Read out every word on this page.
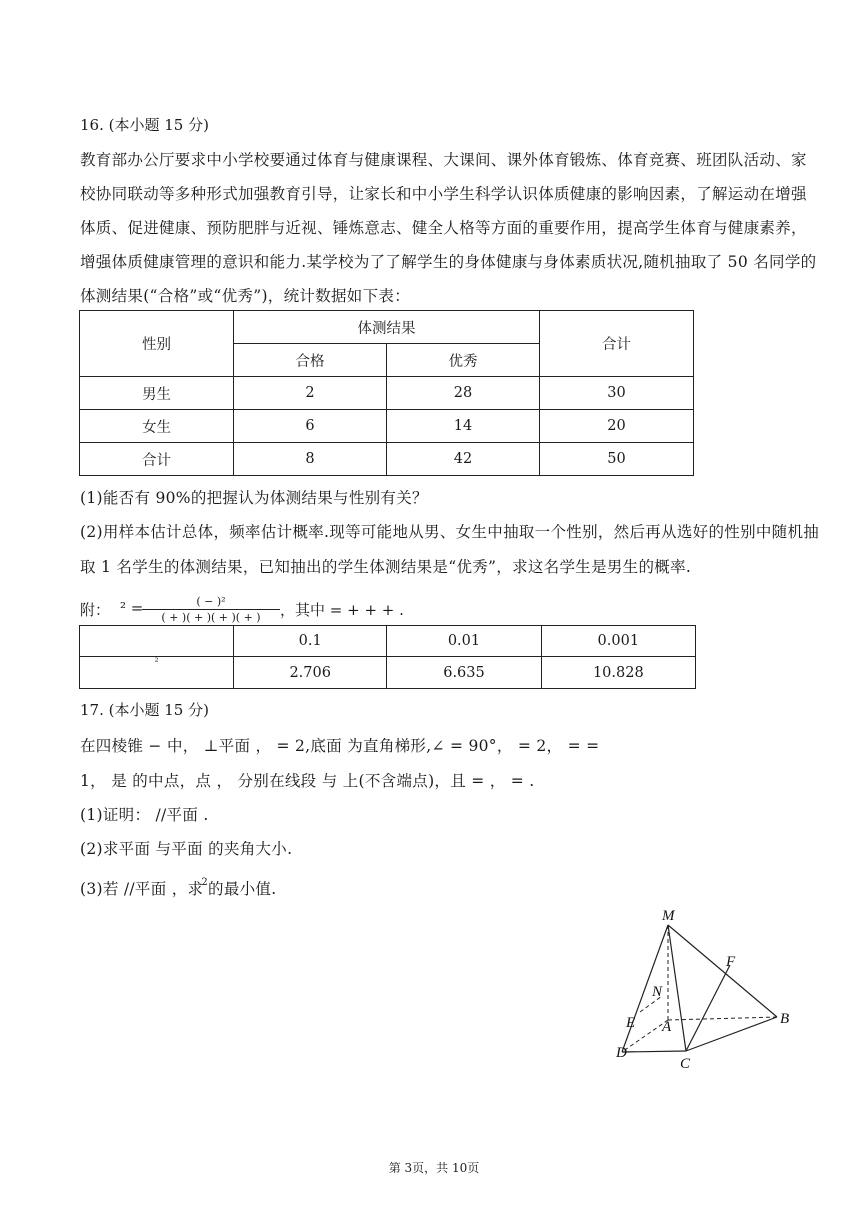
16. (本小题 15 分)
教育部办公厅要求中小学校要通过体育与健康课程、大课间、课外体育锻炼、体育竞赛、班团队活动、家
校协同联动等多种形式加强教育引导，让家长和中小学生科学认识体质健康的影响因素，了解运动在增强
体质、促进健康、预防肥胖与近视、锤炼意志、健全人格等方面的重要作用，提高学生体育与健康素养，
增强体质健康管理的意识和能力.某学校为了了解学生的身体健康与身体素质状况,随机抽取了 50 名同学的
体测结果(“合格”或“优秀”)，统计数据如下表：
性别	体测结果		合计
	合格	优秀	
男生	2	28	30
女生	6	14	20
合计	8	42	50
(1)能否有 90%的把握认为体测结果与性别有关？
(2)用样本估计总体，频率估计概率.现等可能地从男、女生中抽取一个性别，然后再从选好的性别中随机抽
取 1 名学生的体测结果，已知抽出的学生体测结果是“优秀”，求这名学生是男生的概率.
附： ² =	，其中 = + + + .
( − )²
( + )( + )( + )( + )
	0.1	0.01	0.001
²	2.706	6.635	10.828
17. (本小题 15 分)
在四棱锥 − 中， ⊥平面 ， = 2,底面 为直角梯形,∠ = 90°， = 2， = =
1， 是 的中点，点 ， 分别在线段 与 上(不含端点)，且 = ， = .
(1)证明： //平面 .
(2)求平面 与平面 的夹角大小.
(3)若 //平面 ，求$^2$的最小值.
M
F
N
E A	B
D
C
第 3页，共 10页
